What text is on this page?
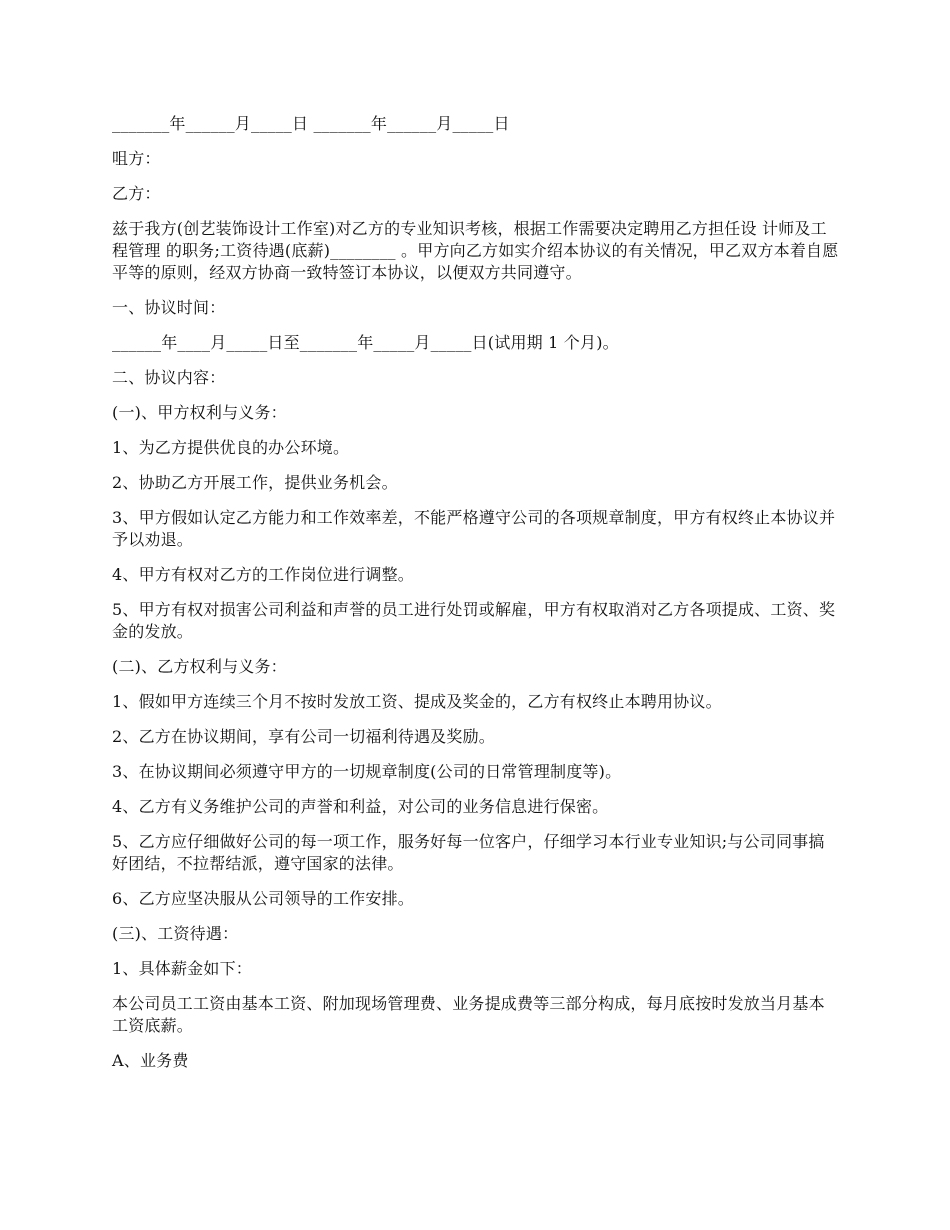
_______年______月_____日 _______年______月_____日

咀方：

乙方：

兹于我方(创艺装饰设计工作室)对乙方的专业知识考核，根据工作需要决定聘用乙方担任设 计师及工程管理 的职务;工资待遇(底薪)________ 。甲方向乙方如实介绍本协议的有关情况，甲乙双方本着自愿平等的原则，经双方协商一致特签订本协议，以便双方共同遵守。

一、协议时间：

______年____月_____日至_______年_____月_____日(试用期 1 个月)。

二、协议内容：

(一)、甲方权利与义务：

1、为乙方提供优良的办公环境。

2、协助乙方开展工作，提供业务机会。

3、甲方假如认定乙方能力和工作效率差，不能严格遵守公司的各项规章制度，甲方有权终止本协议并予以劝退。

4、甲方有权对乙方的工作岗位进行调整。

5、甲方有权对损害公司利益和声誉的员工进行处罚或解雇，甲方有权取消对乙方各项提成、工资、奖金的发放。

(二)、乙方权利与义务：

1、假如甲方连续三个月不按时发放工资、提成及奖金的，乙方有权终止本聘用协议。

2、乙方在协议期间，享有公司一切福利待遇及奖励。

3、在协议期间必须遵守甲方的一切规章制度(公司的日常管理制度等)。

4、乙方有义务维护公司的声誉和利益，对公司的业务信息进行保密。

5、乙方应仔细做好公司的每一项工作，服务好每一位客户，仔细学习本行业专业知识;与公司同事搞好团结，不拉帮结派，遵守国家的法律。

6、乙方应坚决服从公司领导的工作安排。

(三)、工资待遇：

1、具体薪金如下：

本公司员工工资由基本工资、附加现场管理费、业务提成费等三部分构成，每月底按时发放当月基本工资底薪。

A、业务费
